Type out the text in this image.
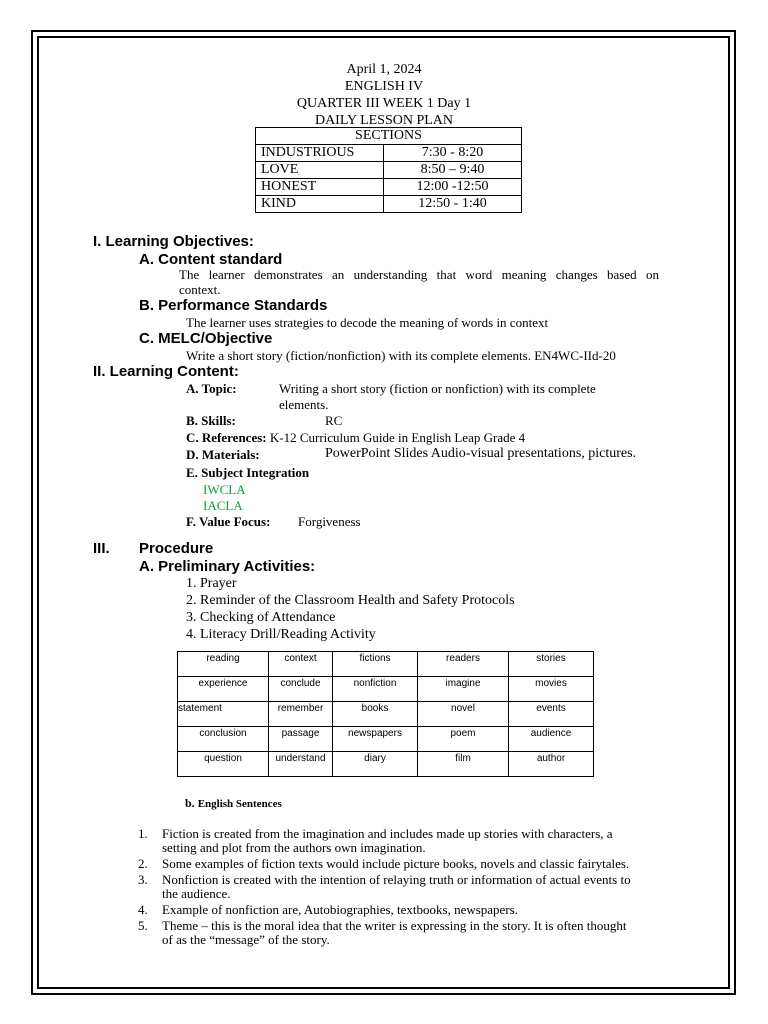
April 1, 2024
ENGLISH IV
QUARTER III WEEK 1 Day 1
DAILY LESSON PLAN
SECTIONS	
INDUSTRIOUS	7:30 - 8:20
LOVE	8:50 – 9:40
HONEST	12:00 -12:50
KIND	12:50 - 1:40
I. Learning Objectives:
A. Content standard
The learner demonstrates an understanding that word meaning changes based on
context.
B. Performance Standards
The learner uses strategies to decode the meaning of words in context
C. MELC/Objective
Write a short story (fiction/nonfiction) with its complete elements. EN4WC-IId-20
II. Learning Content:
A. Topic:	Writing a short story (fiction or nonfiction) with its complete
elements.
B. Skills:	RC
C. References: K-12 Curriculum Guide in English Leap Grade 4
D. Materials:	PowerPoint Slides Audio-visual presentations, pictures.
E. Subject Integration
IWCLA
IACLA
F. Value Focus: Forgiveness
III. Procedure
A. Preliminary Activities:
1. Prayer
2. Reminder of the Classroom Health and Safety Protocols
3. Checking of Attendance
4. Literacy Drill/Reading Activity
reading	context	fictions	readers	stories
experience	conclude	nonfiction	imagine	movies
statement	remember	books	novel	events
conclusion	passage	newspapers	poem	audience
question	understand	diary	film	author
b. English Sentences
1. Fiction is created from the imagination and includes made up stories with characters, a
setting and plot from the authors own imagination.
2. Some examples of fiction texts would include picture books, novels and classic fairytales.
3. Nonfiction is created with the intention of relaying truth or information of actual events to
the audience.
4. Example of nonfiction are, Autobiographies, textbooks, newspapers.
5. Theme – this is the moral idea that the writer is expressing in the story. It is often thought
of as the “message” of the story.
